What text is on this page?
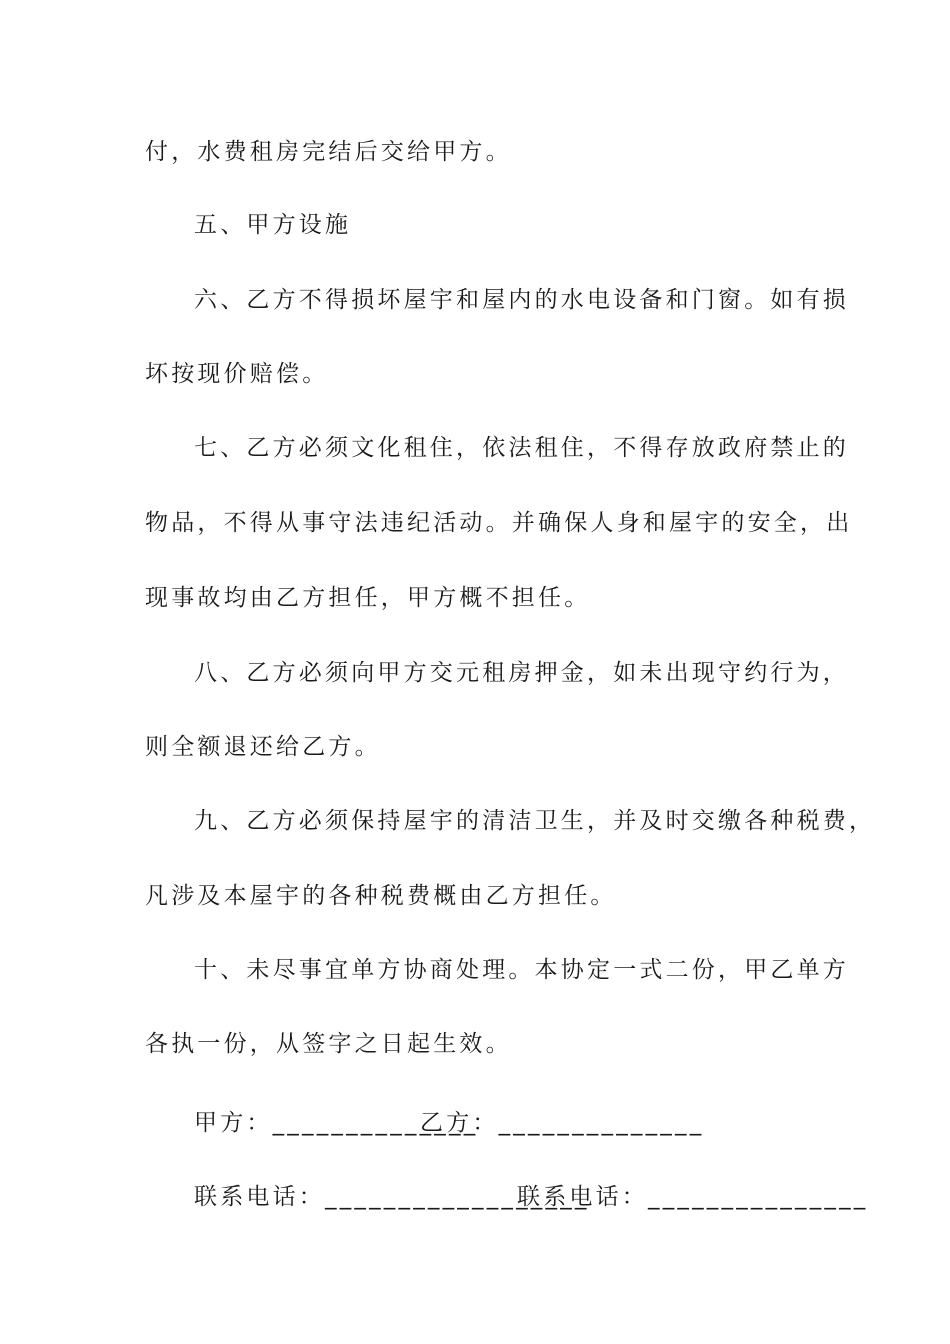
付，水费租房完结后交给甲方。
五、甲方设施
六、乙方不得损坏屋宇和屋内的水电设备和门窗。如有损
坏按现价赔偿。
七、乙方必须文化租住，依法租住，不得存放政府禁止的
物品，不得从事守法违纪活动。并确保人身和屋宇的安全，出
现事故均由乙方担任，甲方概不担任。
八、乙方必须向甲方交元租房押金，如未出现守约行为，
则全额退还给乙方。
九、乙方必须保持屋宇的清洁卫生，并及时交缴各种税费，
凡涉及本屋宇的各种税费概由乙方担任。
十、未尽事宜单方协商处理。本协定一式二份，甲乙单方
各执一份，从签字之日起生效。
甲方：______________
乙方：______________
联系电话：__________________
联系电话：_______________
